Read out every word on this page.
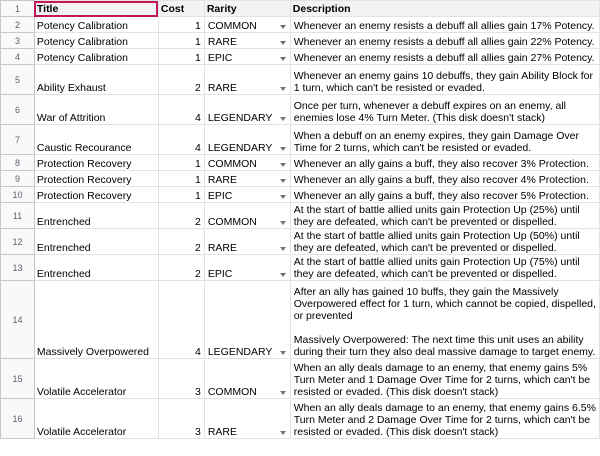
1	Title	Cost	Rarity	Description
2	Potency Calibration	1	COMMON	Whenever an enemy resists a debuff all allies gain 17% Potency.

3	Potency Calibration	1	RARE	Whenever an enemy resists a debuff all allies gain 22% Potency.

4	Potency Calibration	1	EPIC	Whenever an enemy resists a debuff all allies gain 27% Potency.

5	Ability Exhaust	2	RARE	Whenever an enemy gains 10 debuffs, they gain Ability Block for 1 turn, which can't be resisted or evaded.

6	War of Attrition	4	LEGENDARY	Once per turn, whenever a debuff expires on an enemy, all enemies lose 4% Turn Meter. (This disk doesn't stack)

7	Caustic Recourance	4	LEGENDARY	When a debuff on an enemy expires, they gain Damage Over Time for 2 turns, which can't be resisted or evaded.

8	Protection Recovery	1	COMMON	Whenever an ally gains a buff, they also recover 3% Protection.

9	Protection Recovery	1	RARE	Whenever an ally gains a buff, they also recover 4% Protection.

10	Protection Recovery	1	EPIC	Whenever an ally gains a buff, they also recover 5% Protection.

11	Entrenched	2	COMMON	At the start of battle allied units gain Protection Up (25%) until they are defeated, which can't be prevented or dispelled.

12	Entrenched	2	RARE	At the start of battle allied units gain Protection Up (50%) until they are defeated, which can't be prevented or dispelled.

13	Entrenched	2	EPIC	At the start of battle allied units gain Protection Up (75%) until they are defeated, which can't be prevented or dispelled.

14	Massively Overpowered	4	LEGENDARY	After an ally has gained 10 buffs, they gain the Massively Overpowered effect for 1 turn, which cannot be copied, dispelled, or prevented
Massively Overpowered: The next time this unit uses an ability during their turn they also deal massive damage to target enemy.

15	Volatile Accelerator	3	COMMON	When an ally deals damage to an enemy, that enemy gains 5% Turn Meter and 1 Damage Over Time for 2 turns, which can't be resisted or evaded. (This disk doesn't stack)

16	Volatile Accelerator	3	RARE	When an ally deals damage to an enemy, that enemy gains 6.5% Turn Meter and 2 Damage Over Time for 2 turns, which can't be resisted or evaded. (This disk doesn't stack)
